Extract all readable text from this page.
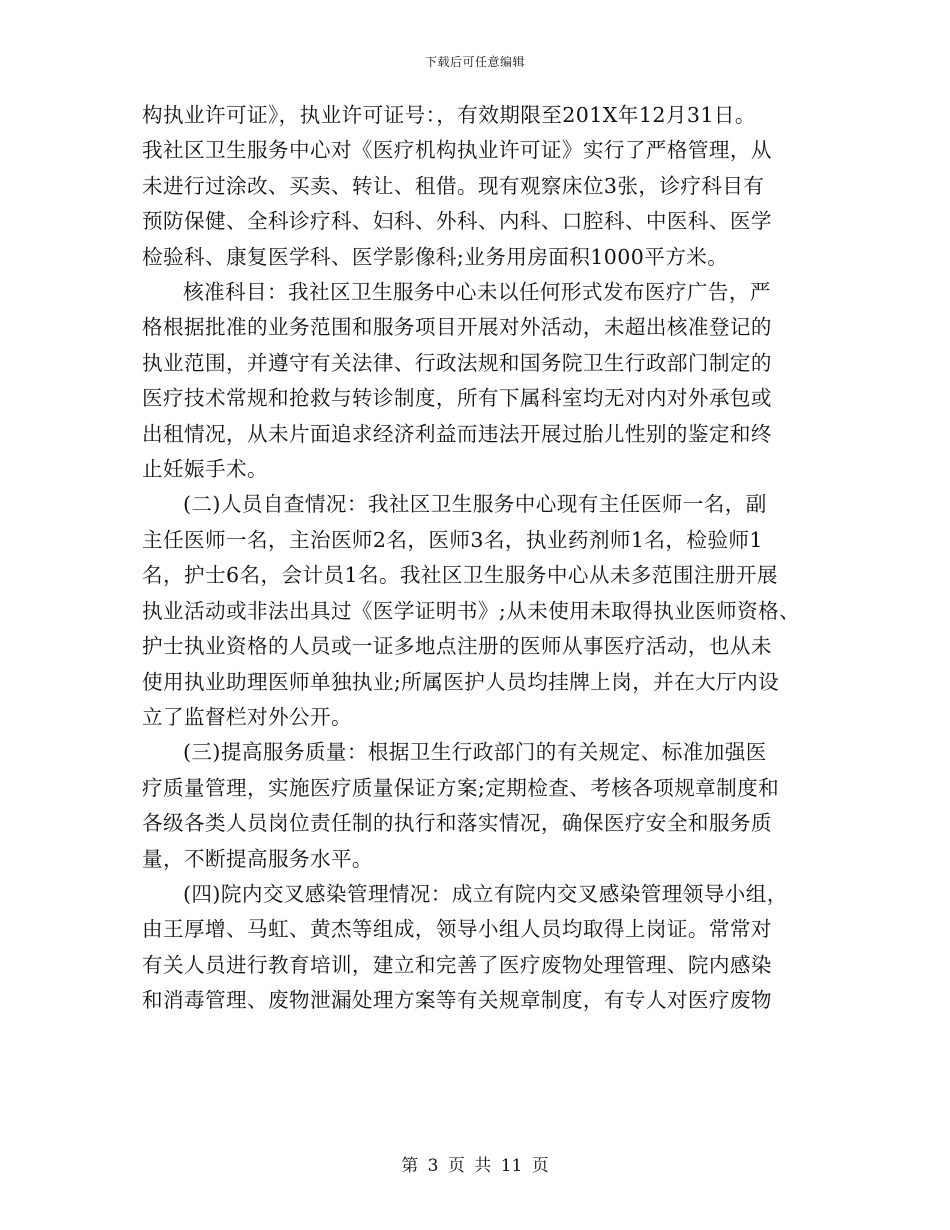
下载后可任意编辑

构执业许可证》，执业许可证号：，有效期限至201X年12月31日。
我社区卫生服务中心对《医疗机构执业许可证》实行了严格管理，从
未进行过涂改、买卖、转让、租借。现有观察床位3张，诊疗科目有
预防保健、全科诊疗科、妇科、外科、内科、口腔科、中医科、医学
检验科、康复医学科、医学影像科;业务用房面积1000平方米。

核准科目：我社区卫生服务中心未以任何形式发布医疗广告，严
格根据批准的业务范围和服务项目开展对外活动，未超出核准登记的
执业范围，并遵守有关法律、行政法规和国务院卫生行政部门制定的
医疗技术常规和抢救与转诊制度，所有下属科室均无对内对外承包或
出租情况，从未片面追求经济利益而违法开展过胎儿性别的鉴定和终
止妊娠手术。

(二)人员自查情况：我社区卫生服务中心现有主任医师一名，副
主任医师一名，主治医师2名，医师3名，执业药剂师1名，检验师1
名，护士6名，会计员1名。我社区卫生服务中心从未多范围注册开展
执业活动或非法出具过《医学证明书》;从未使用未取得执业医师资格、
护士执业资格的人员或一证多地点注册的医师从事医疗活动，也从未
使用执业助理医师单独执业;所属医护人员均挂牌上岗，并在大厅内设
立了监督栏对外公开。

(三)提高服务质量：根据卫生行政部门的有关规定、标准加强医
疗质量管理，实施医疗质量保证方案;定期检查、考核各项规章制度和
各级各类人员岗位责任制的执行和落实情况，确保医疗安全和服务质
量，不断提高服务水平。

(四)院内交叉感染管理情况：成立有院内交叉感染管理领导小组，
由王厚增、马虹、黄杰等组成，领导小组人员均取得上岗证。常常对
有关人员进行教育培训，建立和完善了医疗废物处理管理、院内感染
和消毒管理、废物泄漏处理方案等有关规章制度，有专人对医疗废物

第 3 页 共 11 页
